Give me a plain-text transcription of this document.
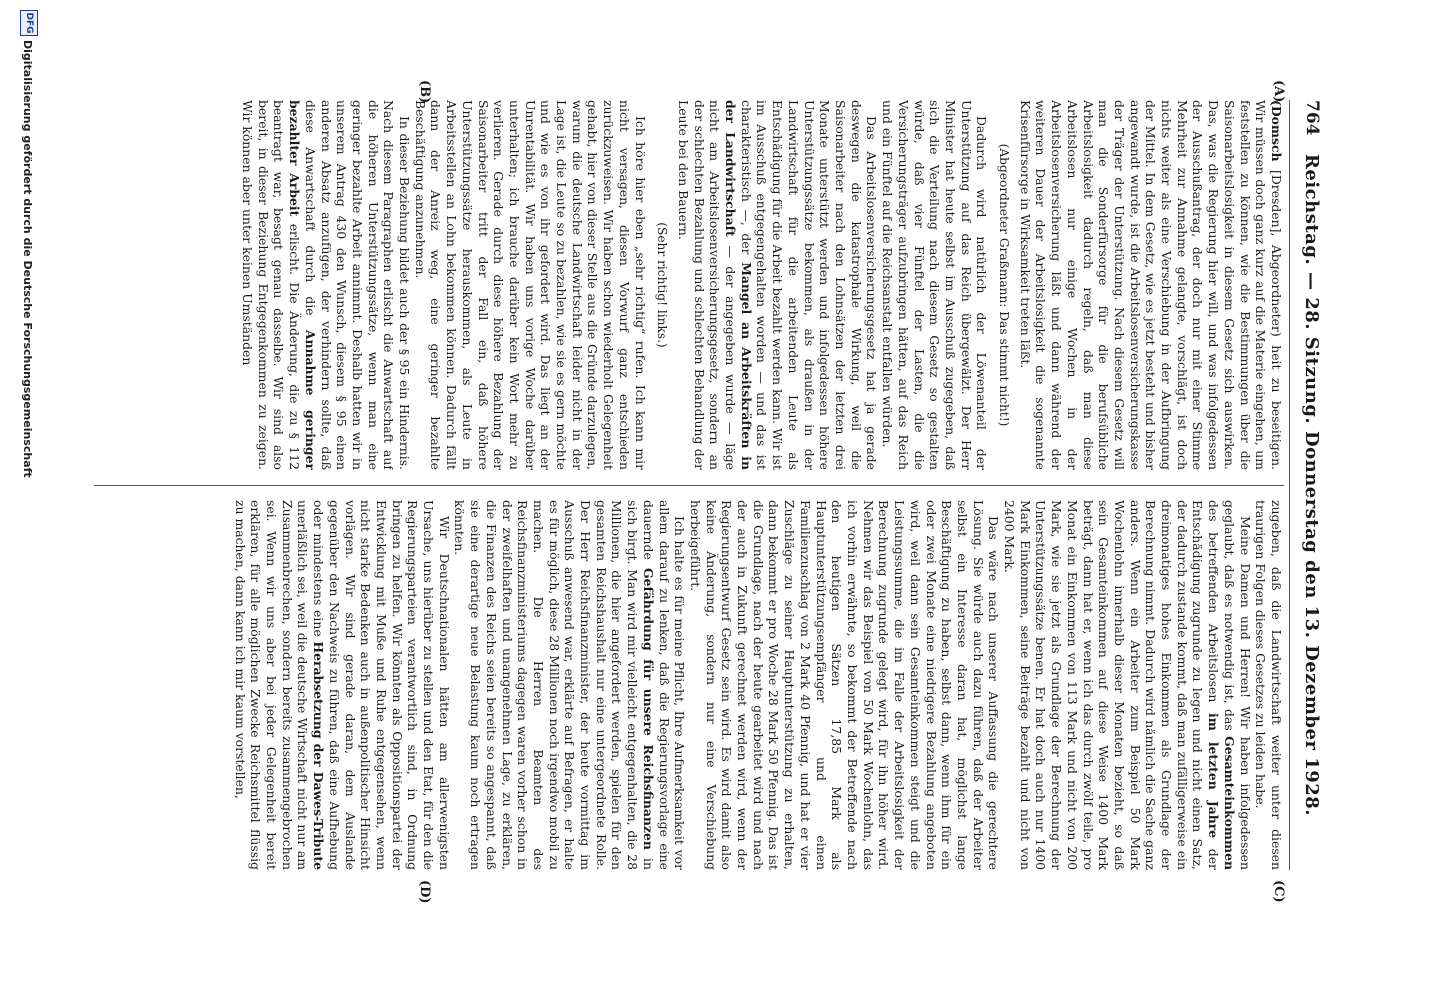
764
Reichstag. — 28. Sitzung. Donnerstag den 13. Dezember 1928.
(A)
(B)
(C)
(D)

(Domsch [Dresden], Abgeordneter) heit zu beseitigen. Wir müssen doch ganz kurz auf die Materie eingehen, um feststellen zu können, wie die Bestimmungen über die Saisonarbeitslosigkeit in diesem Gesetz sich auswirken. Das, was die Regierung hier will, und was infolgedessen der Ausschußantrag, der doch nur mit einer Stimme Mehrheit zur Annahme gelangte, vorschlägt, ist doch nichts weiter als eine Verschiebung in der Aufbringung der Mittel. In dem Gesetz, wie es jetzt besteht und bisher angewandt wurde, ist die Arbeitslosenversicherungskasse der Träger der Unterstützung. Nach diesem Gesetz will man die Sonderfürsorge für die berufsübliche Arbeitslosigkeit dadurch regeln, daß man diese Arbeitslosen nur einige Wochen in der Arbeitslosenversicherung läßt und dann während der weiteren Dauer der Arbeitslosigkeit die sogenannte Krisenfürsorge in Wirksamkeit treten läßt.

(Abgeordneter Graßmann: Das stimmt nicht!)

Dadurch wird natürlich der Löwenanteil der Unterstützung auf das Reich übergewälzt. Der Herr Minister hat heute selbst im Ausschuß zugegeben, daß sich die Verteilung nach diesem Gesetz so gestalten würde, daß vier Fünftel der Lasten, die die Versicherungsträger aufzubringen hätten, auf das Reich und ein Fünftel auf die Reichsanstalt entfallen würden.

Das Arbeitslosenversicherungsgesetz hat ja gerade deswegen die katastrophale Wirkung, weil die Saisonarbeiter nach den Lohnsätzen der letzten drei Monate unterstützt werden und infolgedessen höhere Unterstützungssätze bekommen, als draußen in der Landwirtschaft für die arbeitenden Leute als Entschädigung für die Arbeit bezahlt werden kann. Wir ist im Ausschuß entgegengehalten worden — und das ist charakteristisch —, der Mangel an Arbeitskräften in der Landwirtschaft — der angegeben wurde — läge nicht am Arbeitslosenversicherungsgesetz, sondern an der schlechten Bezahlung und schlechten Behandlung der Leute bei den Bauern.

(Sehr richtig! links.)

Ich höre hier eben „sehr richtig“ rufen. Ich kann mir nicht versagen, diesen Vorwurf ganz entschieden zurückzuweisen. Wir haben schon wiederholt Gelegenheit gehabt, hier von dieser Stelle aus die Gründe darzulegen, warum die deutsche Landwirtschaft leider nicht in der Lage ist, die Leute so zu bezahlen, wie sie es gern möchte und wie es von ihr gefordert wird. Das liegt an der Unrentabilität. Wir haben uns vorige Woche darüber unterhalten; ich brauche darüber kein Wort mehr zu verlieren. Gerade durch diese höhere Bezahlung der Saisonarbeiter tritt der Fall ein, daß höhere Unterstützungssätze herauskommen, als Leute in Arbeitsstellen an Lohn bekommen können. Dadurch fällt dann der Anreiz weg, eine geringer bezahlte Beschäftigung anzunehmen.

In dieser Beziehung bildet auch der § 95 ein Hindernis. Nach diesem Paragraphen erlischt die Anwartschaft auf die höheren Unterstützungssätze, wenn man eine geringer bezahlte Arbeit annimmt. Deshalb hatten wir in unserem Antrag 430 den Wunsch, diesem § 95 einen anderen Absatz anzufügen, der verhindern sollte, daß diese Anwartschaft durch die Annahme geringer bezahlter Arbeit erlischt. Die Änderung, die zu § 112 beantragt war, besagt genau dasselbe. Wir sind also bereit, in dieser Beziehung Entgegenkommen zu zeigen. Wir können aber unter keinen Umständen

zugeben, daß die Landwirtschaft weiter unter diesen traurigen Folgen dieses Gesetzes zu leiden habe.

Meine Damen und Herren! Wir haben infolgedessen geglaubt, daß es notwendig ist, das Gesamteinkommen des betreffenden Arbeitslosen im letzten Jahre der Entschädigung zugrunde zu legen und nicht einen Satz, der dadurch zustande kommt, daß man zufälligerweise ein dreimonatiges hohes Einkommen als Grundlage der Berechnung nimmt. Dadurch wird nämlich die Sache ganz anders. Wenn ein Arbeiter zum Beispiel 50 Mark Wochenlohn innerhalb dieser Monaten bezieht, so daß sein Gesamteinkommen auf diese Weise 1400 Mark beträgt, dann hat er, wenn ich das durch zwölf teile, pro Monat ein Einkommen von 113 Mark und nicht von 200 Mark, wie sie jetzt als Grundlage der Berechnung der Unterstützungssätze benen. Er hat doch auch nur 1400 Mark Einkommen, seine Beiträge bezahlt und nicht von 2400 Mark.

Das wäre nach unserer Auffassung die gerechtere Lösung. Sie würde auch dazu führen, daß der Arbeiter selbst ein Interesse daran hat, möglichst lange Beschäftigung zu haben, selbst dann, wenn ihm für ein oder zwei Monate eine niedrigere Bezahlung angeboten wird, weil dann sein Gesamteinkommen steigt und die Leistungssumme, die im Falle der Arbeitslosigkeit der Berechnung zugrunde gelegt wird, für ihn höher wird. Nehmen wir das Beispiel von 50 Mark Wochenlohn, das ich vorhin erwähnte, so bekommt der Betreffende nach den heutigen Sätzen 17,85 Mark als Hauptunterstützungsempfänger und einen Familienzuschlag von 2 Mark 40 Pfennig, und hat er vier Zuschläge zu seiner Hauptunterstützung zu erhalten, dann bekommt er pro Woche 28 Mark 50 Pfennig. Das ist die Grundlage, nach der heute gearbeitet wird und nach der auch in Zukunft gerechnet werden wird, wenn der Regierungsentwurf Gesetz sein wird. Es wird damit also keine Änderung, sondern nur eine Verschiebung herbeigeführt.

Ich halte es für meine Pflicht, Ihre Aufmerksamkeit vor allem darauf zu lenken, daß die Regierungsvorlage eine dauernde Gefährdung für unsere Reichsfinanzen in sich birgt. Man wird mir vielleicht entgegenhalten, die 28 Millionen, die hier angefordert werden, spielen für den gesamten Reichshaushalt nur eine untergeordnete Rolle. Der Herr Reichsfinanzminister, der heute vormittag im Ausschuß anwesend war, erklärte auf Befragen, er halte es für möglich, diese 28 Millionen noch irgendwo mobil zu machen. Die Herren Beamten des Reichsfinanzministeriums dagegen waren vorher schon in der zweifelhaften und unangenehmen Lage, zu erklären, die Finanzen des Reichs seien bereits so angespannt, daß sie eine derartige neue Belastung kaum noch ertragen könnten.

Wir Deutschnationalen hätten am allerwenigsten Ursache, uns hierüber zu stellen und den Etat, für den die Regierungsparteien verantwortlich sind, in Ordnung bringen zu helfen. Wir könnten als Oppositionspartei der Entwicklung mit Muße und Ruhe entgegensehen, wenn nicht starke Bedenken auch in außenpolitischer Hinsicht vorlägen. Wir sind gerade daran, dem Auslande gegenüber den Nachweis zu führen, daß eine Aufhebung oder mindestens eine Herabsetzung der Dawes-Tribute unerläßlich sei, weil die deutsche Wirtschaft nicht nur am Zusammenbrechen, sondern bereits zusammengebrochen sei. Wenn wir uns aber bei jeder Gelegenheit bereit erklären, für alle möglichen Zwecke Reichsmittel flüssig zu machen, dann kann ich mir kaum vorstellen,

DFG
Digitalisierung gefördert durch die Deutsche Forschungsgemeinschaft
